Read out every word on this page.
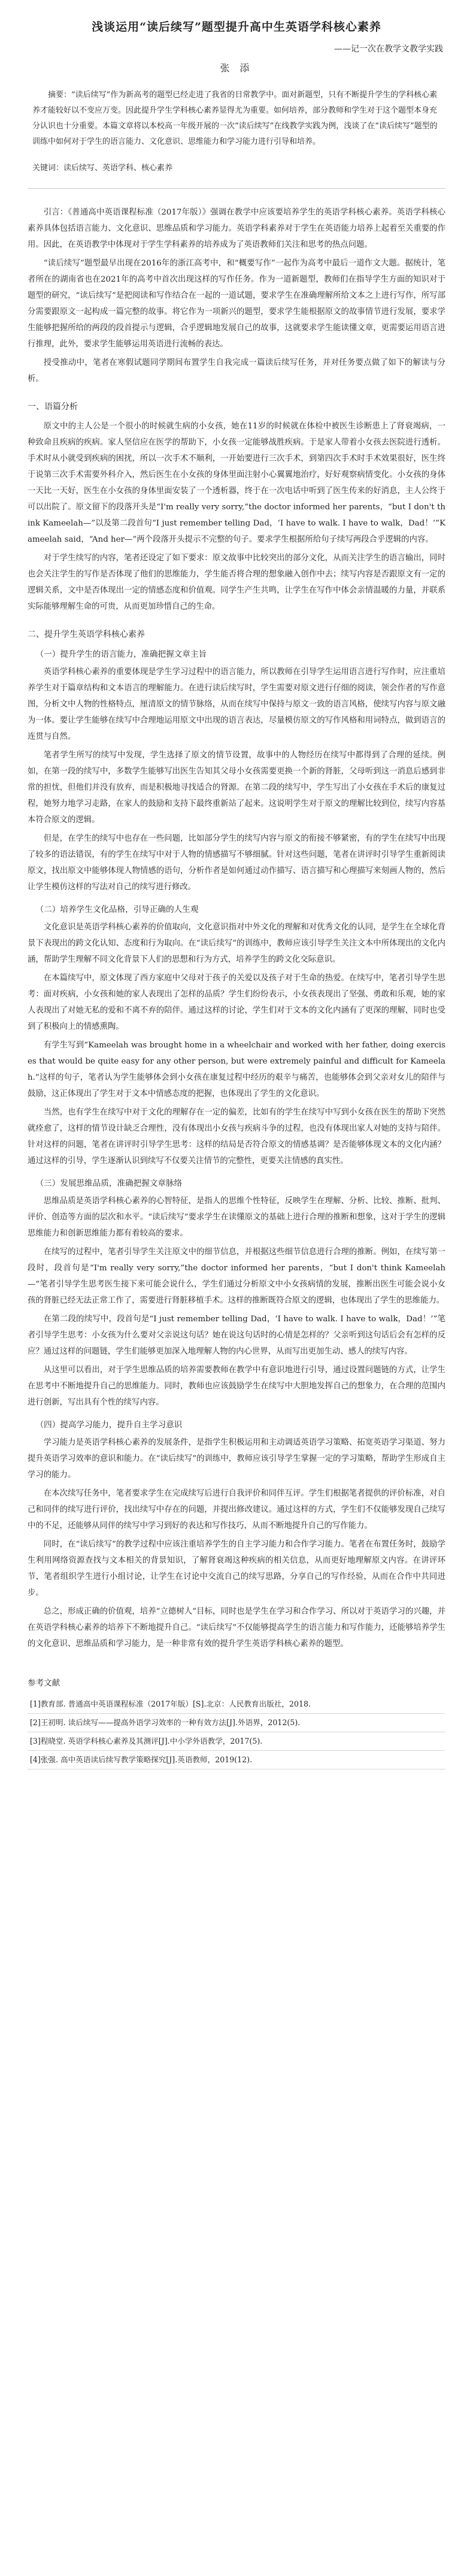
浅谈运用“读后续写”题型提升高中生英语学科核心素养
——记一次在教学文教学实践
张 添
摘要：“读后续写”作为新高考的题型已经走进了我省的日常教学中。面对新题型，只有不断提升学生的学科核心素养才能较好以不变应万变。因此提升学生学科核心素养显得尤为重要。如何培养，部分教师和学生对于这个题型本身充分认识也十分重要。本篇文章将以本校高一年级开展的一次“读后续写”在线教学实践为例，浅谈了在“读后续写”题型的训练中如何对于学生的语言能力、文化意识、思维能力和学习能力进行引导和培养。
关键词：读后续写、英语学科、核心素养

引言：《普通高中英语课程标准（2017年版）》强调在教学中应该要培养学生的英语学科核心素养。英语学科核心素养具体包括语言能力、文化意识、思维品质和学习能力。英语学科素养对于学生在英语能力培养上起着至关重要的作用。因此，在英语教学中体现对于学生学科素养的培养成为了英语教师们关注和思考的热点问题。

“读后续写”题型最早出现在2016年的浙江高考中，和“概要写作”一起作为高考中最后一道作文大题。据统计，笔者所在的湖南省也在2021年的高考中首次出现这样的写作任务。作为一道新题型，教师们在指导学生方面的知识对于题型的研究，“读后续写”是把阅读和写作结合在一起的一道试题，要求学生在准确理解所给文本之上进行写作，所写部分需要跟原文一起构成一篇完整的故事。将它作为一项新兴的题型，要求学生能根据原文的故事情节进行发展，要求学生能够把握所给的两段的段首提示与逻辑，合乎逻辑地发展自己的故事，这就要求学生能读懂文章，更需要运用语言进行推理，此外，要求学生能够运用英语进行流畅的表达。

授受推动中，笔者在寒假试题同学期间布置学生自我完成一篇读后续写任务，并对任务要点做了如下的解读与分析。

一、语篇分析

原文中的主人公是一个很小的时候就生病的小女孩，她在11岁的时候就在体检中被医生诊断患上了肾衰竭病，一种致命且疾病的疾病。家人坚信应在医学的帮助下，小女孩一定能够战胜疾病。于是家人带着小女孩去医院进行透析。手术时从小就受到疾病的困扰，所以一次手术不顺利，一开始要进行三次手术，到第四次手术时手术效果很好，医生终于说第三次手术需要外科介入，然后医生在小女孩的身体里面注射小心翼翼地治疗，好好观察病情变化。小女孩的身体一天比一天好，医生在小女孩的身体里面安装了一个透析器，终于在一次电话中听到了医生传来的好消息，主人公终于可以出院了。原文留下的段落开头是“I'm really very sorry,”the doctor informed her parents，“but I don't think Kameelah—”以及第二段首句“I just remember telling Dad，‘I have to walk. I have to walk，Dad！’”Kameelah said，“And her—”两个段落开头提示不完整的句子。要求学生根据所给句子续写两段合乎逻辑的内容。

对于学生续写的内容，笔者还设定了如下要求：原文故事中比较突出的部分文化，从而关注学生的语言输出，同时也会关注学生的写作是否体现了他们的思维能力，学生能否将合理的想象融入创作中去；续写内容是否跟原文有一定的逻辑关系，文中是否体现出一定的情感态度和价值观。同学生产生共鸣，让学生在写作中体会亲情温暖的力量，并联系实际能够理解生命的可贵，从而更加珍惜自己的生命。

二、提升学生英语学科核心素养
（一）提升学生的语言能力，准确把握文章主旨

英语学科核心素养的重要体现是学生学习过程中的语言能力，所以教师在引导学生运用语言进行写作时，应注重培养学生对于篇章结构和文本语言的理解能力。在进行读后续写时，学生需要对原文进行仔细的阅读，领会作者的写作意图，分析文中人物的性格特点，厘清原文的情节脉络，从而在续写中保持与原文一致的语言风格，使续写内容与原文融为一体。要让学生能够在续写中合理地运用原文中出现的语言表达，尽量模仿原文的写作风格和用词特点，做到语言的连贯与自然。

笔者学生所写的续写中发现，学生选择了原文的情节设置，故事中的人物经历在续写中都得到了合理的延续。例如，在第一段的续写中，多数学生能够写出医生告知其父母小女孩需要更换一个新的肾脏，父母听到这一消息后感到非常的担忧，但他们并没有放弃，而是积极地寻找适合的肾源。在第二段的续写中，学生写出了小女孩在手术后的康复过程，她努力地学习走路，在家人的鼓励和支持下最终重新站了起来。这说明学生对于原文的理解比较到位，续写内容基本符合原文的逻辑。

但是，在学生的续写中也存在一些问题，比如部分学生的续写内容与原文的衔接不够紧密，有的学生在续写中出现了较多的语法错误，有的学生在续写中对于人物的情感描写不够细腻。针对这些问题，笔者在讲评时引导学生重新阅读原文，找出原文中能够体现人物情感的语句，分析作者是如何通过动作描写、语言描写和心理描写来刻画人物的，然后让学生模仿这样的写法对自己的续写进行修改。

（二）培养学生文化品格，引导正确的人生观

文化意识是英语学科核心素养的价值取向，文化意识指对中外文化的理解和对优秀文化的认同，是学生在全球化背景下表现出的跨文化认知、态度和行为取向。在“读后续写”的训练中，教师应该引导学生关注文本中所体现出的文化内涵，帮助学生理解不同文化背景下人们的思想和行为方式，培养学生的跨文化交际意识。

在本篇续写中，原文体现了西方家庭中父母对于孩子的关爱以及孩子对于生命的热爱。在续写中，笔者引导学生思考：面对疾病，小女孩和她的家人表现出了怎样的品质？学生们纷纷表示，小女孩表现出了坚强、勇敢和乐观，她的家人表现出了对她无私的爱和不离不弃的陪伴。通过这样的讨论，学生们对于文本的文化内涵有了更深的理解，同时也受到了积极向上的情感熏陶。

有学生写到“Kameelah was brought home in a wheelchair and worked with her father, doing exercises that would be quite easy for any other person, but were extremely painful and difficult for Kameelah.”这样的句子，笔者认为学生能够体会到小女孩在康复过程中经历的艰辛与痛苦，也能够体会到父亲对女儿的陪伴与鼓励，这正体现出了学生对于文本中情感态度的把握，也体现出了学生的文化意识。

当然，也有学生在续写中对于文化的理解存在一定的偏差，比如有的学生在续写中写到小女孩在医生的帮助下突然就痊愈了，这样的情节设计缺乏合理性，没有体现出小女孩与疾病斗争的过程，也没有体现出家人对她的支持与陪伴。针对这样的问题，笔者在讲评时引导学生思考：这样的结局是否符合原文的情感基调？是否能够体现文本的文化内涵？通过这样的引导，学生逐渐认识到续写不仅要关注情节的完整性，更要关注情感的真实性。

（三）发展思维品质，准确把握文章脉络

思维品质是英语学科核心素养的心智特征，是指人的思维个性特征，反映学生在理解、分析、比较、推断、批判、评价、创造等方面的层次和水平。“读后续写”要求学生在读懂原文的基础上进行合理的推断和想象，这对于学生的逻辑思维能力和创新思维能力都有着较高的要求。

在续写的过程中，笔者引导学生关注原文中的细节信息，并根据这些细节信息进行合理的推断。例如，在续写第一段时，段首句是“I'm really very sorry,”the doctor informed her parents，“but I don't think Kameelah—”笔者引导学生思考医生接下来可能会说什么，学生们通过分析原文中小女孩病情的发展，推断出医生可能会说小女孩的肾脏已经无法正常工作了，需要进行肾脏移植手术。这样的推断既符合原文的逻辑，也体现出了学生的思维能力。

在第二段的续写中，段首句是“I just remember telling Dad，‘I have to walk. I have to walk，Dad！’”笔者引导学生思考：小女孩为什么要对父亲说这句话？她在说这句话时的心情是怎样的？父亲听到这句话后会有怎样的反应？通过这样的问题链，学生们能够更加深入地理解人物的内心世界，从而写出更加生动、感人的续写内容。

从这里可以看出，对于学生思维品质的培养需要教师在教学中有意识地进行引导，通过设置问题链的方式，让学生在思考中不断地提升自己的思维能力。同时，教师也应该鼓励学生在续写中大胆地发挥自己的想象力，在合理的范围内进行创新，写出具有个性的续写内容。

（四）提高学习能力，提升自主学习意识

学习能力是英语学科核心素养的发展条件，是指学生积极运用和主动调适英语学习策略、拓宽英语学习渠道、努力提升英语学习效率的意识和能力。在“读后续写”的训练中，教师应该引导学生掌握一定的学习策略，帮助学生形成自主学习的能力。

在本次续写任务中，笔者要求学生在完成续写后进行自我评价和同伴互评。学生们根据笔者提供的评价标准，对自己和同伴的续写进行评价，找出续写中存在的问题，并提出修改建议。通过这样的方式，学生们不仅能够发现自己续写中的不足，还能够从同伴的续写中学习到好的表达和写作技巧，从而不断地提升自己的写作能力。

同时，在“读后续写”的教学过程中应该注重培养学生的自主学习能力和合作学习能力。笔者在布置任务时，鼓励学生利用网络资源查找与文本相关的背景知识，了解肾衰竭这种疾病的相关信息，从而更好地理解原文内容。在讲评环节，笔者组织学生进行小组讨论，让学生在讨论中交流自己的续写思路，分享自己的写作经验，从而在合作中共同进步。

总之，形成正确的价值观，培养“立德树人”目标，同时也是学生在学习和合作学习、所以对于英语学习的兴趣，并在英语学科核心素养的培养下不断地提升自己。“读后续写”不仅能够提高学生的语言能力和写作能力，还能够培养学生的文化意识、思维品质和学习能力，是一种非常有效的提升学生英语学科核心素养的题型。

参考文献
[1]教育部. 普通高中英语课程标准（2017年版）[S].北京：人民教育出版社，2018.
[2]王初明. 读后续写——提高外语学习效率的一种有效方法[J].外语界，2012(5).
[3]程晓堂. 英语学科核心素养及其测评[J].中小学外语教学，2017(5).
[4]张强. 高中英语读后续写教学策略探究[J].英语教师，2019(12).
